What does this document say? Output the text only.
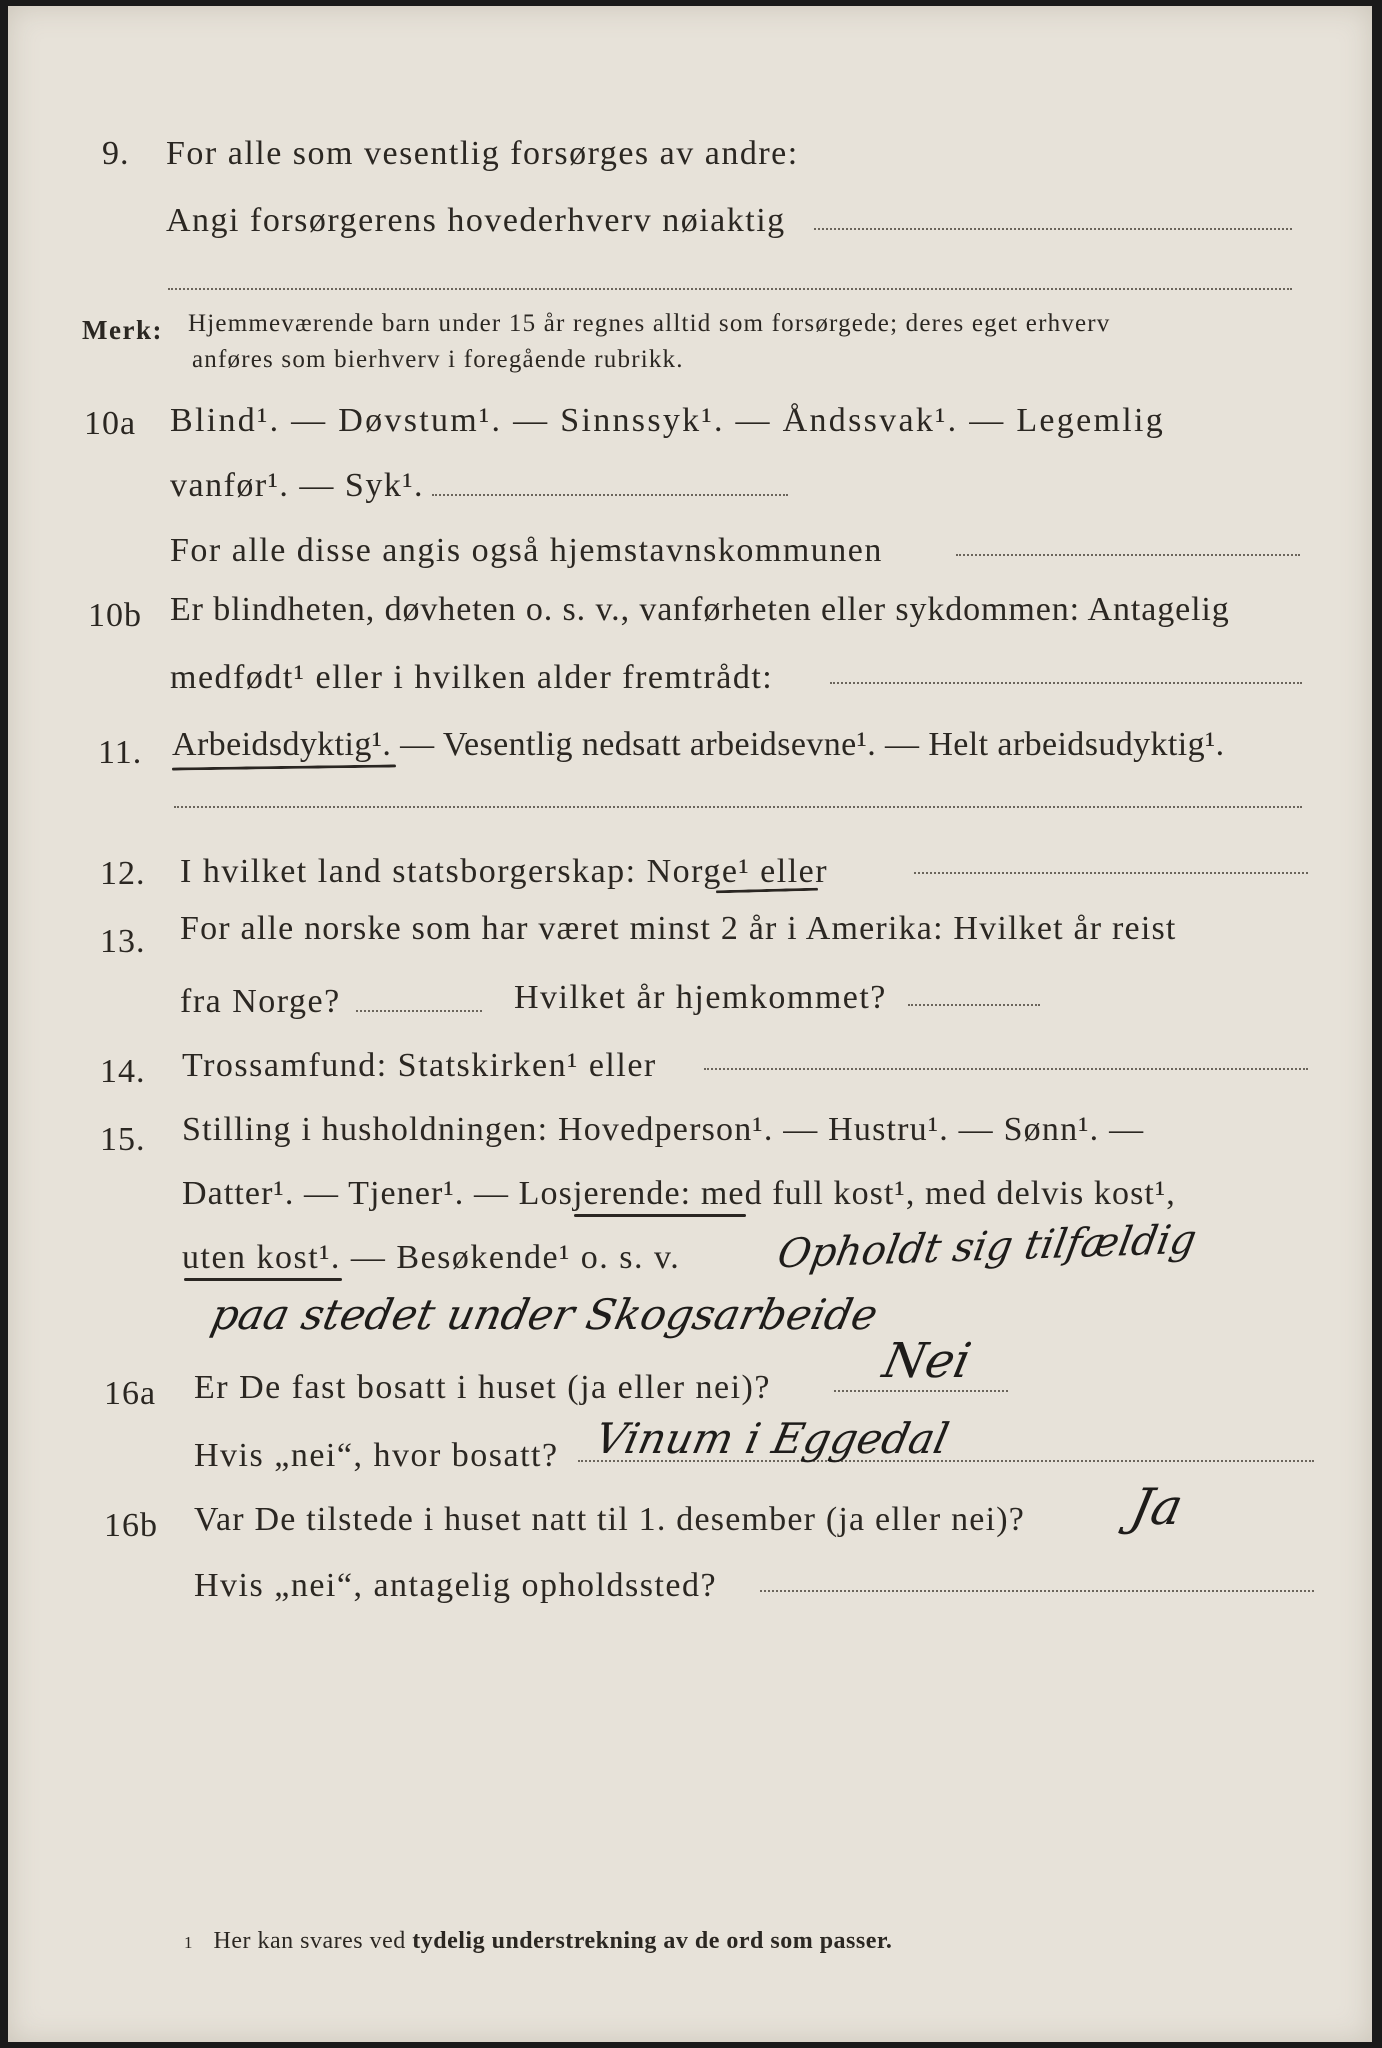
9. For alle som vesentlig forsørges av andre:
Angi forsørgerens hovederhverv nøiaktig
Merk: Hjemmeværende barn under 15 år regnes alltid som forsørgede; deres eget erhverv
anføres som bierhverv i foregående rubrikk.
10a Blind¹. — Døvstum¹. — Sinnssyk¹. — Åndssvak¹. — Legemlig
vanfør¹. — Syk¹.
For alle disse angis også hjemstavnskommunen
10b Er blindheten, døvheten o. s. v., vanførheten eller sykdommen: Antagelig
medfødt¹ eller i hvilken alder fremtrådt:
11. Arbeidsdyktig¹. — Vesentlig nedsatt arbeidsevne¹. — Helt arbeidsudyktig¹.
12. I hvilket land statsborgerskap: Norge¹ eller
13. For alle norske som har været minst 2 år i Amerika: Hvilket år reist
fra Norge?	Hvilket år hjemkommet?
14. Trossamfund: Statskirken¹ eller
15. Stilling i husholdningen: Hovedperson¹. — Hustru¹. — Sønn¹. —
Datter¹. — Tjener¹. — Losjerende: med full kost¹, med delvis kost¹,
uten kost¹. — Besøkende¹ o. s. v. Opholdt sig tilfældig
paa stedet under Skogsarbeide
16a Er De fast bosatt i huset (ja eller nei)? Nei
Hvis „nei“, hvor bosatt? Vinum i Eggedal
16b Var De tilstede i huset natt til 1. desember (ja eller nei)? Ja
Hvis „nei“, antagelig opholdssted?
1 Her kan svares ved tydelig understrekning av de ord som passer.
